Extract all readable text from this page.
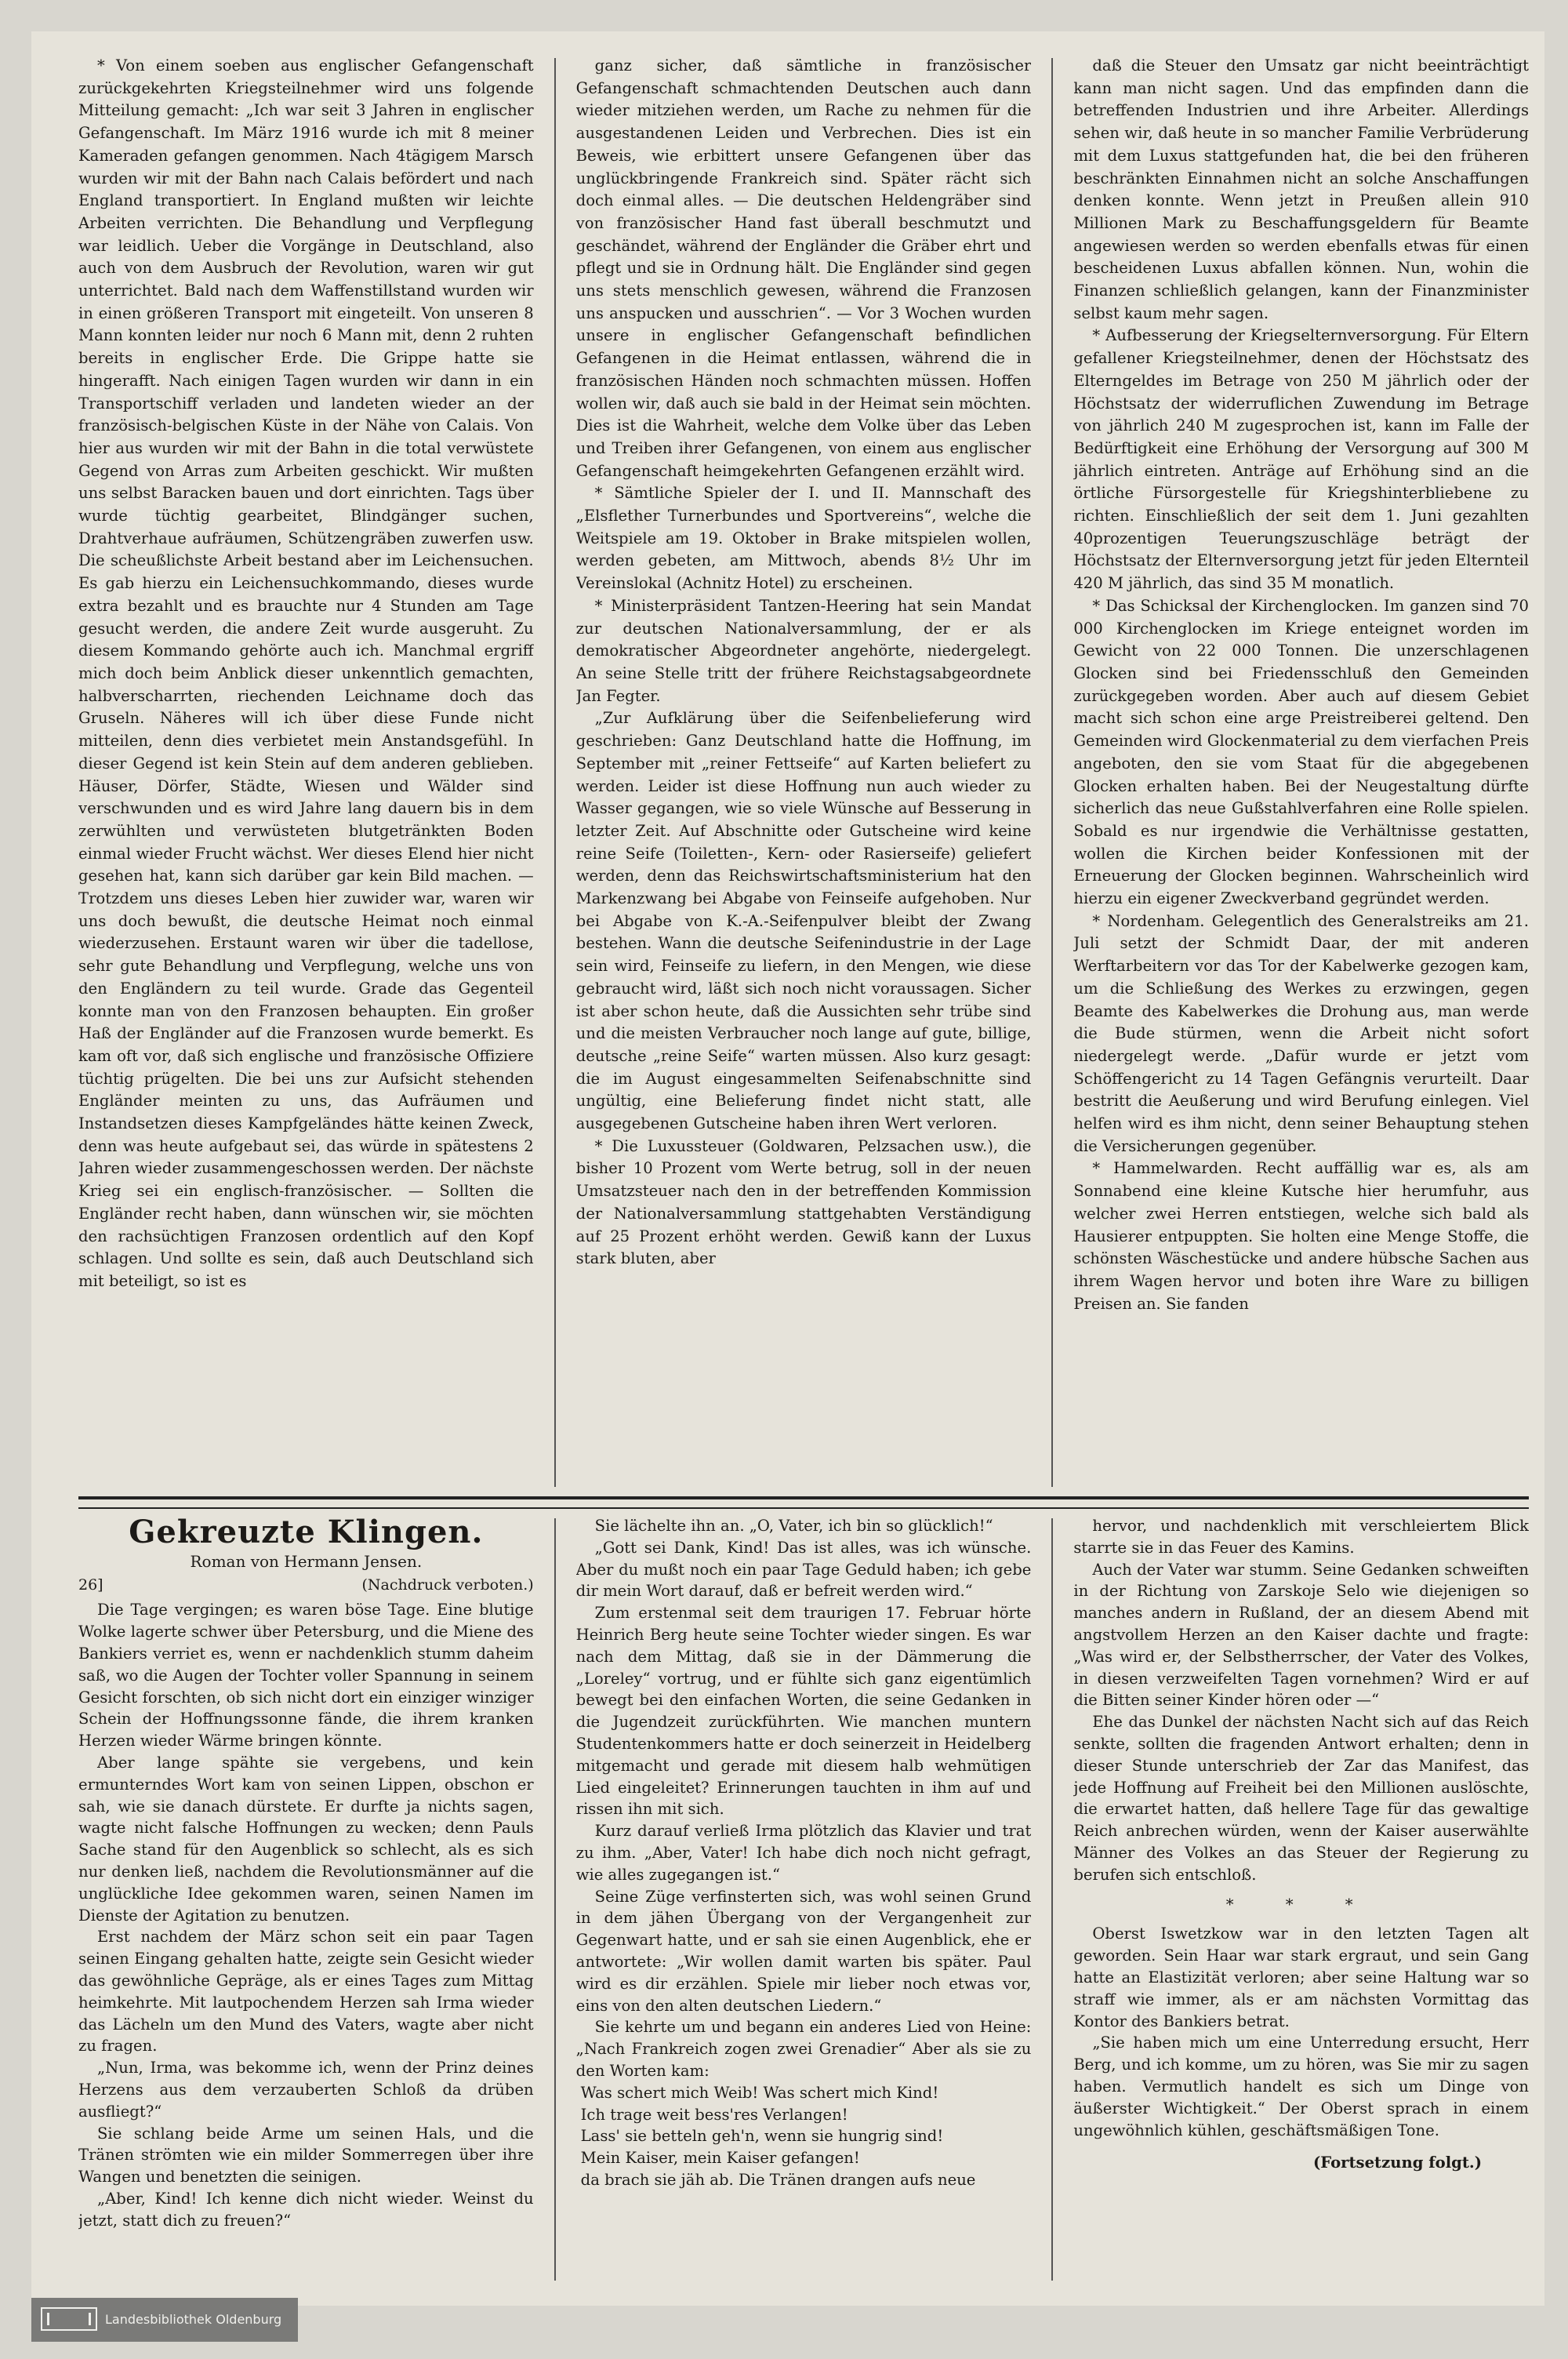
* Von einem soeben aus englischer Gefangenschaft zurückgekehrten Kriegsteilnehmer wird uns folgende Mitteilung gemacht: „Ich war seit 3 Jahren in englischer Gefangenschaft. Im März 1916 wurde ich mit 8 meiner Kameraden gefangen genommen. Nach 4tägigem Marsch wurden wir mit der Bahn nach Calais befördert und nach England transportiert. In England mußten wir leichte Arbeiten verrichten. Die Behandlung und Verpflegung war leidlich. Ueber die Vorgänge in Deutschland, also auch von dem Ausbruch der Revolution, waren wir gut unterrichtet. Bald nach dem Waffenstillstand wurden wir in einen größeren Transport mit eingeteilt. Von unseren 8 Mann konnten leider nur noch 6 Mann mit, denn 2 ruhten bereits in englischer Erde. Die Grippe hatte sie hingerafft. Nach einigen Tagen wurden wir dann in ein Transportschiff verladen und landeten wieder an der französisch-belgischen Küste in der Nähe von Calais. Von hier aus wurden wir mit der Bahn in die total verwüstete Gegend von Arras zum Arbeiten geschickt. Wir mußten uns selbst Baracken bauen und dort einrichten. Tags über wurde tüchtig gearbeitet, Blindgänger suchen, Drahtverhaue aufräumen, Schützengräben zuwerfen usw. Die scheußlichste Arbeit bestand aber im Leichensuchen. Es gab hierzu ein Leichensuchkommando, dieses wurde extra bezahlt und es brauchte nur 4 Stunden am Tage gesucht werden, die andere Zeit wurde ausgeruht. Zu diesem Kommando gehörte auch ich. Manchmal ergriff mich doch beim Anblick dieser unkenntlich gemachten, halbverscharrten, riechenden Leichname doch das Gruseln. Näheres will ich über diese Funde nicht mitteilen, denn dies verbietet mein Anstandsgefühl. In dieser Gegend ist kein Stein auf dem anderen geblieben. Häuser, Dörfer, Städte, Wiesen und Wälder sind verschwunden und es wird Jahre lang dauern bis in dem zerwühlten und verwüsteten blutgetränkten Boden einmal wieder Frucht wächst. Wer dieses Elend hier nicht gesehen hat, kann sich darüber gar kein Bild machen. — Trotzdem uns dieses Leben hier zuwider war, waren wir uns doch bewußt, die deutsche Heimat noch einmal wiederzusehen. Erstaunt waren wir über die tadellose, sehr gute Behandlung und Verpflegung, welche uns von den Engländern zu teil wurde. Grade das Gegenteil konnte man von den Franzosen behaupten. Ein großer Haß der Engländer auf die Franzosen wurde bemerkt. Es kam oft vor, daß sich englische und französische Offiziere tüchtig prügelten. Die bei uns zur Aufsicht stehenden Engländer meinten zu uns, das Aufräumen und Instandsetzen dieses Kampfgeländes hätte keinen Zweck, denn was heute aufgebaut sei, das würde in spätestens 2 Jahren wieder zusammengeschossen werden. Der nächste Krieg sei ein englisch-französischer. — Sollten die Engländer recht haben, dann wünschen wir, sie möchten den rachsüchtigen Franzosen ordentlich auf den Kopf schlagen. Und sollte es sein, daß auch Deutschland sich mit beteiligt, so ist es

ganz sicher, daß sämtliche in französischer Gefangenschaft schmachtenden Deutschen auch dann wieder mitziehen werden, um Rache zu nehmen für die ausgestandenen Leiden und Verbrechen. Dies ist ein Beweis, wie erbittert unsere Gefangenen über das unglückbringende Frankreich sind. Später rächt sich doch einmal alles. — Die deutschen Heldengräber sind von französischer Hand fast überall beschmutzt und geschändet, während der Engländer die Gräber ehrt und pflegt und sie in Ordnung hält. Die Engländer sind gegen uns stets menschlich gewesen, während die Franzosen uns anspucken und ausschrien“. — Vor 3 Wochen wurden unsere in englischer Gefangenschaft befindlichen Gefangenen in die Heimat entlassen, während die in französischen Händen noch schmachten müssen. Hoffen wollen wir, daß auch sie bald in der Heimat sein möchten. Dies ist die Wahrheit, welche dem Volke über das Leben und Treiben ihrer Gefangenen, von einem aus englischer Gefangenschaft heimgekehrten Gefangenen erzählt wird.

* Sämtliche Spieler der I. und II. Mannschaft des „Elsflether Turnerbundes und Sportvereins“, welche die Weitspiele am 19. Oktober in Brake mitspielen wollen, werden gebeten, am Mittwoch, abends 8½ Uhr im Vereinslokal (Achnitz Hotel) zu erscheinen.

* Ministerpräsident Tantzen-Heering hat sein Mandat zur deutschen Nationalversammlung, der er als demokratischer Abgeordneter angehörte, niedergelegt. An seine Stelle tritt der frühere Reichstagsabgeordnete Jan Fegter.

„Zur Aufklärung über die Seifenbelieferung wird geschrieben: Ganz Deutschland hatte die Hoffnung, im September mit „reiner Fettseife“ auf Karten beliefert zu werden. Leider ist diese Hoffnung nun auch wieder zu Wasser gegangen, wie so viele Wünsche auf Besserung in letzter Zeit. Auf Abschnitte oder Gutscheine wird keine reine Seife (Toiletten-, Kern- oder Rasierseife) geliefert werden, denn das Reichswirtschaftsministerium hat den Markenzwang bei Abgabe von Feinseife aufgehoben. Nur bei Abgabe von K.-A.-Seifenpulver bleibt der Zwang bestehen. Wann die deutsche Seifenindustrie in der Lage sein wird, Feinseife zu liefern, in den Mengen, wie diese gebraucht wird, läßt sich noch nicht voraussagen. Sicher ist aber schon heute, daß die Aussichten sehr trübe sind und die meisten Verbraucher noch lange auf gute, billige, deutsche „reine Seife“ warten müssen. Also kurz gesagt: die im August eingesammelten Seifenabschnitte sind ungültig, eine Belieferung findet nicht statt, alle ausgegebenen Gutscheine haben ihren Wert verloren.

* Die Luxussteuer (Goldwaren, Pelzsachen usw.), die bisher 10 Prozent vom Werte betrug, soll in der neuen Umsatzsteuer nach den in der betreffenden Kommission der Nationalversammlung stattgehabten Verständigung auf 25 Prozent erhöht werden. Gewiß kann der Luxus stark bluten, aber

daß die Steuer den Umsatz gar nicht beeinträchtigt kann man nicht sagen. Und das empfinden dann die betreffenden Industrien und ihre Arbeiter. Allerdings sehen wir, daß heute in so mancher Familie Verbrüderung mit dem Luxus stattgefunden hat, die bei den früheren beschränkten Einnahmen nicht an solche Anschaffungen denken konnte. Wenn jetzt in Preußen allein 910 Millionen Mark zu Beschaffungsgeldern für Beamte angewiesen werden so werden ebenfalls etwas für einen bescheidenen Luxus abfallen können. Nun, wohin die Finanzen schließlich gelangen, kann der Finanzminister selbst kaum mehr sagen.

* Aufbesserung der Kriegselternversorgung. Für Eltern gefallener Kriegsteilnehmer, denen der Höchstsatz des Elterngeldes im Betrage von 250 M jährlich oder der Höchstsatz der widerruflichen Zuwendung im Betrage von jährlich 240 M zugesprochen ist, kann im Falle der Bedürftigkeit eine Erhöhung der Versorgung auf 300 M jährlich eintreten. Anträge auf Erhöhung sind an die örtliche Fürsorgestelle für Kriegshinterbliebene zu richten. Einschließlich der seit dem 1. Juni gezahlten 40prozentigen Teuerungszuschläge beträgt der Höchstsatz der Elternversorgung jetzt für jeden Elternteil 420 M jährlich, das sind 35 M monatlich.

* Das Schicksal der Kirchenglocken. Im ganzen sind 70 000 Kirchenglocken im Kriege enteignet worden im Gewicht von 22 000 Tonnen. Die unzerschlagenen Glocken sind bei Friedensschluß den Gemeinden zurückgegeben worden. Aber auch auf diesem Gebiet macht sich schon eine arge Preistreiberei geltend. Den Gemeinden wird Glockenmaterial zu dem vierfachen Preis angeboten, den sie vom Staat für die abgegebenen Glocken erhalten haben. Bei der Neugestaltung dürfte sicherlich das neue Gußstahlverfahren eine Rolle spielen. Sobald es nur irgendwie die Verhältnisse gestatten, wollen die Kirchen beider Konfessionen mit der Erneuerung der Glocken beginnen. Wahrscheinlich wird hierzu ein eigener Zweckverband gegründet werden.

* Nordenham. Gelegentlich des Generalstreiks am 21. Juli setzt der Schmidt Daar, der mit anderen Werftarbeitern vor das Tor der Kabelwerke gezogen kam, um die Schließung des Werkes zu erzwingen, gegen Beamte des Kabelwerkes die Drohung aus, man werde die Bude stürmen, wenn die Arbeit nicht sofort niedergelegt werde. „Dafür wurde er jetzt vom Schöffengericht zu 14 Tagen Gefängnis verurteilt. Daar bestritt die Aeußerung und wird Berufung einlegen. Viel helfen wird es ihm nicht, denn seiner Behauptung stehen die Versicherungen gegenüber.

* Hammelwarden. Recht auffällig war es, als am Sonnabend eine kleine Kutsche hier herumfuhr, aus welcher zwei Herren entstiegen, welche sich bald als Hausierer entpuppten. Sie holten eine Menge Stoffe, die schönsten Wäschestücke und andere hübsche Sachen aus ihrem Wagen hervor und boten ihre Ware zu billigen Preisen an. Sie fanden

Gekreuzte Klingen.
Roman von Hermann Jensen.
26]	(Nachdruck verboten.)

Die Tage vergingen; es waren böse Tage. Eine blutige Wolke lagerte schwer über Petersburg, und die Miene des Bankiers verriet es, wenn er nachdenklich stumm daheim saß, wo die Augen der Tochter voller Spannung in seinem Gesicht forschten, ob sich nicht dort ein einziger winziger Schein der Hoffnungssonne fände, die ihrem kranken Herzen wieder Wärme bringen könnte.

Aber lange spähte sie vergebens, und kein ermunterndes Wort kam von seinen Lippen, obschon er sah, wie sie danach dürstete. Er durfte ja nichts sagen, wagte nicht falsche Hoffnungen zu wecken; denn Pauls Sache stand für den Augenblick so schlecht, als es sich nur denken ließ, nachdem die Revolutionsmänner auf die unglückliche Idee gekommen waren, seinen Namen im Dienste der Agitation zu benutzen.

Erst nachdem der März schon seit ein paar Tagen seinen Eingang gehalten hatte, zeigte sein Gesicht wieder das gewöhnliche Gepräge, als er eines Tages zum Mittag heimkehrte. Mit lautpochendem Herzen sah Irma wieder das Lächeln um den Mund des Vaters, wagte aber nicht zu fragen.

„Nun, Irma, was bekomme ich, wenn der Prinz deines Herzens aus dem verzauberten Schloß da drüben ausfliegt?“

Sie schlang beide Arme um seinen Hals, und die Tränen strömten wie ein milder Sommerregen über ihre Wangen und benetzten die seinigen.

„Aber, Kind! Ich kenne dich nicht wieder. Weinst du jetzt, statt dich zu freuen?“

Sie lächelte ihn an. „O, Vater, ich bin so glücklich!“

„Gott sei Dank, Kind! Das ist alles, was ich wünsche. Aber du mußt noch ein paar Tage Geduld haben; ich gebe dir mein Wort darauf, daß er befreit werden wird.“

Zum erstenmal seit dem traurigen 17. Februar hörte Heinrich Berg heute seine Tochter wieder singen. Es war nach dem Mittag, daß sie in der Dämmerung die „Loreley“ vortrug, und er fühlte sich ganz eigentümlich bewegt bei den einfachen Worten, die seine Gedanken in die Jugendzeit zurückführten. Wie manchen muntern Studentenkommers hatte er doch seinerzeit in Heidelberg mitgemacht und gerade mit diesem halb wehmütigen Lied eingeleitet? Erinnerungen tauchten in ihm auf und rissen ihn mit sich.

Kurz darauf verließ Irma plötzlich das Klavier und trat zu ihm. „Aber, Vater! Ich habe dich noch nicht gefragt, wie alles zugegangen ist.“

Seine Züge verfinsterten sich, was wohl seinen Grund in dem jähen Übergang von der Vergangenheit zur Gegenwart hatte, und er sah sie einen Augenblick, ehe er antwortete: „Wir wollen damit warten bis später. Paul wird es dir erzählen. Spiele mir lieber noch etwas vor, eins von den alten deutschen Liedern.“

Sie kehrte um und begann ein anderes Lied von Heine: „Nach Frankreich zogen zwei Grenadier“ Aber als sie zu den Worten kam:

Was schert mich Weib! Was schert mich Kind!

Ich trage weit bess'res Verlangen!

Lass' sie betteln geh'n, wenn sie hungrig sind!

Mein Kaiser, mein Kaiser gefangen!

da brach sie jäh ab. Die Tränen drangen aufs neue

hervor, und nachdenklich mit verschleiertem Blick starrte sie in das Feuer des Kamins.

Auch der Vater war stumm. Seine Gedanken schweiften in der Richtung von Zarskoje Selo wie diejenigen so manches andern in Rußland, der an diesem Abend mit angstvollem Herzen an den Kaiser dachte und fragte: „Was wird er, der Selbstherrscher, der Vater des Volkes, in diesen verzweifelten Tagen vornehmen? Wird er auf die Bitten seiner Kinder hören oder —“

Ehe das Dunkel der nächsten Nacht sich auf das Reich senkte, sollten die fragenden Antwort erhalten; denn in dieser Stunde unterschrieb der Zar das Manifest, das jede Hoffnung auf Freiheit bei den Millionen auslöschte, die erwartet hatten, daß hellere Tage für das gewaltige Reich anbrechen würden, wenn der Kaiser auserwählte Männer des Volkes an das Steuer der Regierung zu berufen sich entschloß.

* * *

Oberst Iswetzkow war in den letzten Tagen alt geworden. Sein Haar war stark ergraut, und sein Gang hatte an Elastizität verloren; aber seine Haltung war so straff wie immer, als er am nächsten Vormittag das Kontor des Bankiers betrat.

„Sie haben mich um eine Unterredung ersucht, Herr Berg, und ich komme, um zu hören, was Sie mir zu sagen haben. Vermutlich handelt es sich um Dinge von äußerster Wichtigkeit.“ Der Oberst sprach in einem ungewöhnlich kühlen, geschäftsmäßigen Tone.

(Fortsetzung folgt.)
Landesbibliothek Oldenburg
